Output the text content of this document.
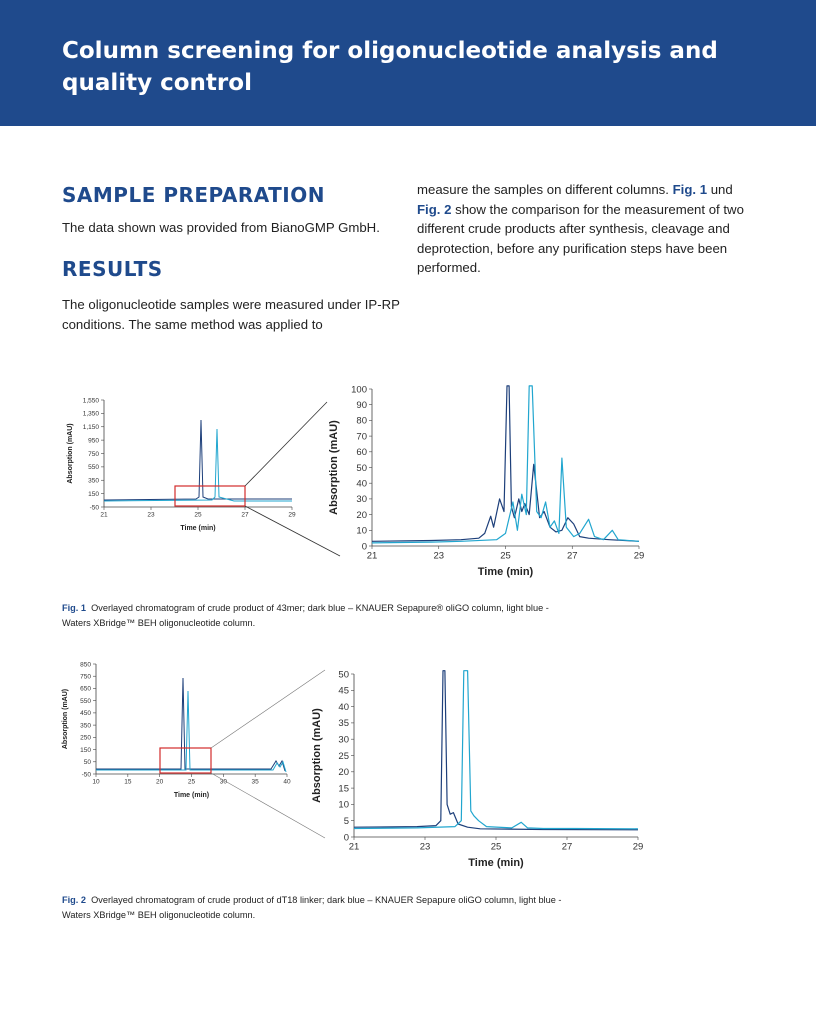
Column screening for oligonucleotide analysis and quality control
SAMPLE PREPARATION

The data shown was provided from BianoGMP GmbH.

RESULTS

The oligonucleotide samples were measured under IP-RP conditions. The same method was applied to

measure the samples on different columns. Fig. 1 und Fig. 2 show the comparison for the measurement of two different crude products after synthesis, cleavage and deprotection, before any purification steps have been performed.

21	23	25	27	29
-50
150
350
550
750
950
1,150
1,350
1,550
Time (min)
Absorption (mAU)
21	23	25	27	29
0
10
20
30
40
50
60
70
80
90
100
Time (min)
Absorption (mAU)

Fig. 1 Overlayed chromatogram of crude product of 43mer; dark blue – KNAUER Sepapure® oliGO column, light blue - Waters XBridge™ BEH oligonucleotide column.

10	15	20	25	30	35	40
-50
50
150
250
350
450
550
650
750
850
Time (min)
Absorption (mAU)
21	23	25	27	29
0
5
10
15
20
25
30
35
40
45
50
Time (min)
Absorption (mAU)

Fig. 2 Overlayed chromatogram of crude product of dT18 linker; dark blue – KNAUER Sepapure oliGO column, light blue - Waters XBridge™ BEH oligonucleotide column.
